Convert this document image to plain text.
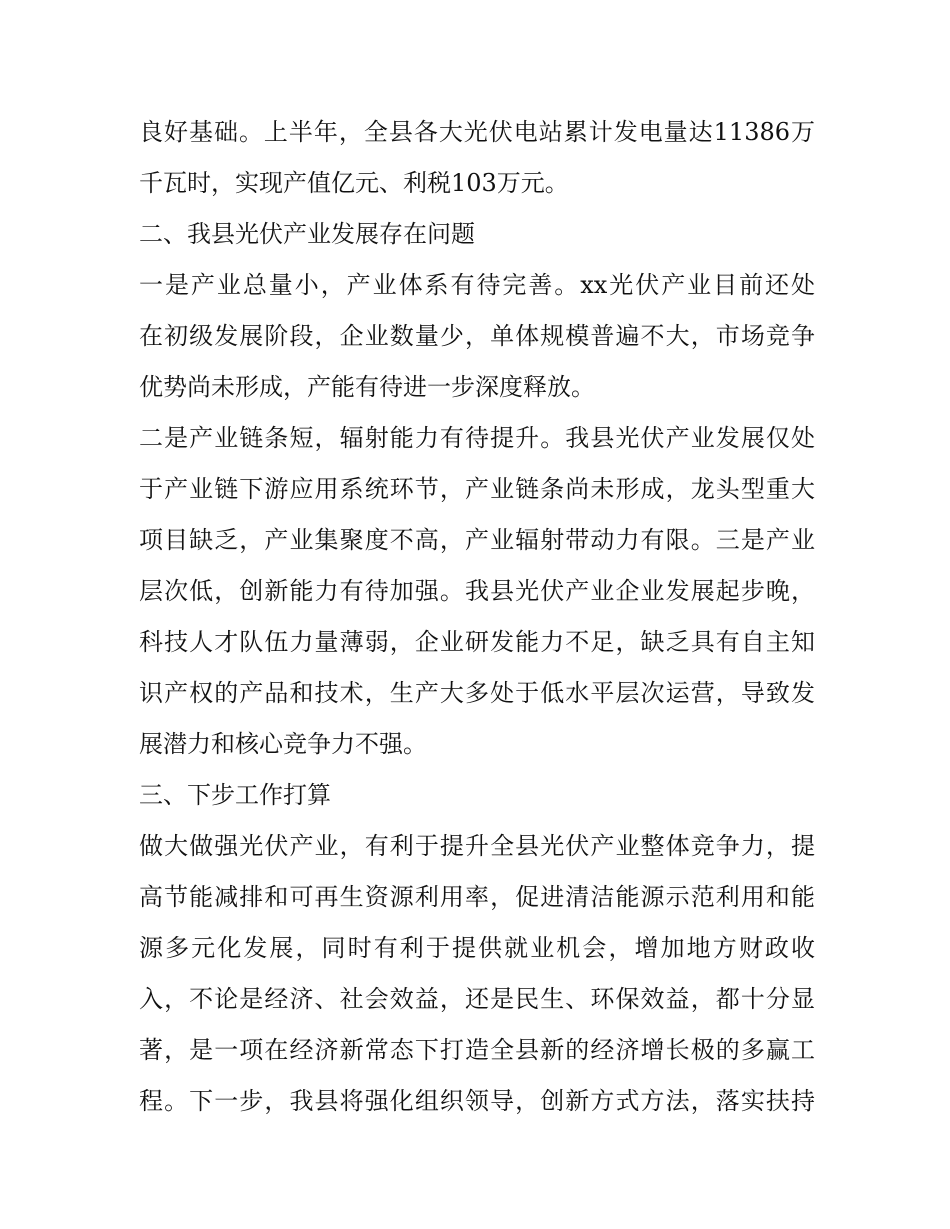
良好基础。上半年，全县各大光伏电站累计发电量达11386万
千瓦时，实现产值亿元、利税103万元。
二、我县光伏产业发展存在问题
一是产业总量小，产业体系有待完善。xx光伏产业目前还处
在初级发展阶段，企业数量少，单体规模普遍不大，市场竞争
优势尚未形成，产能有待进一步深度释放。
二是产业链条短，辐射能力有待提升。我县光伏产业发展仅处
于产业链下游应用系统环节，产业链条尚未形成，龙头型重大
项目缺乏，产业集聚度不高，产业辐射带动力有限。三是产业
层次低，创新能力有待加强。我县光伏产业企业发展起步晚，
科技人才队伍力量薄弱，企业研发能力不足，缺乏具有自主知
识产权的产品和技术，生产大多处于低水平层次运营，导致发
展潜力和核心竞争力不强。
三、下步工作打算
做大做强光伏产业，有利于提升全县光伏产业整体竞争力，提
高节能减排和可再生资源利用率，促进清洁能源示范利用和能
源多元化发展，同时有利于提供就业机会，增加地方财政收
入，不论是经济、社会效益，还是民生、环保效益，都十分显
著，是一项在经济新常态下打造全县新的经济增长极的多赢工
程。下一步，我县将强化组织领导，创新方式方法，落实扶持
